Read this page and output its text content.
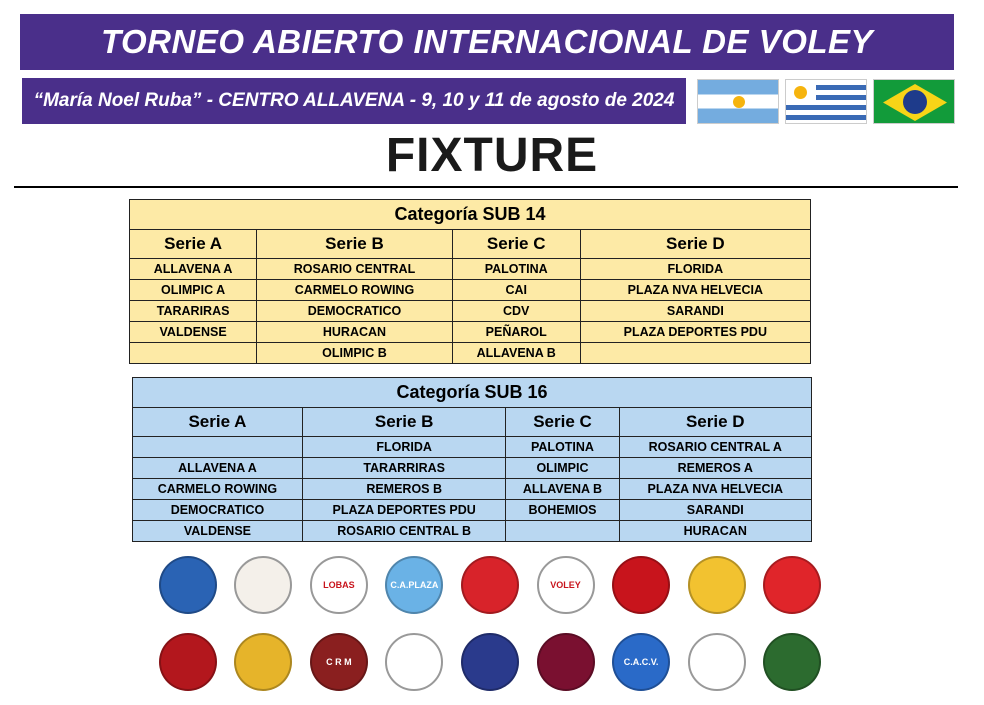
TORNEO ABIERTO INTERNACIONAL DE VOLEY
“María Noel Ruba” - CENTRO ALLAVENA - 9, 10 y 11 de agosto de 2024
FIXTURE
Categoría SUB 14			
Serie A	Serie B	Serie C	Serie D
ALLAVENA A	ROSARIO CENTRAL	PALOTINA	FLORIDA
OLIMPIC A	CARMELO ROWING	CAI	PLAZA NVA HELVECIA
TARARIRAS	DEMOCRATICO	CDV	SARANDI
VALDENSE	HURACAN	PEÑAROL	PLAZA DEPORTES PDU
	OLIMPIC B	ALLAVENA B	
Categoría SUB 16			
Serie A	Serie B	Serie C	Serie D
	FLORIDA	PALOTINA	ROSARIO CENTRAL A
ALLAVENA A	TARARRIRAS	OLIMPIC	REMEROS A
CARMELO ROWING	REMEROS B	ALLAVENA B	PLAZA NVA HELVECIA
DEMOCRATICO	PLAZA DEPORTES PDU	BOHEMIOS	SARANDI
VALDENSE	ROSARIO CENTRAL B		HURACAN
LOBAS	C.A.PLAZA	VOLEY
C R M	C.A.C.V.
